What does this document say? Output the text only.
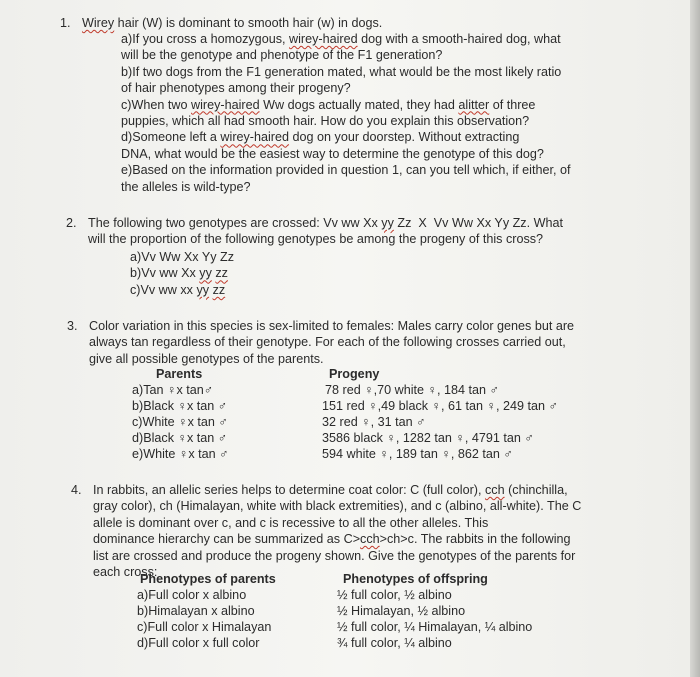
1. Wirey hair (W) is dominant to smooth hair (w) in dogs.
a)If you cross a homozygous, wirey-haired dog with a smooth-haired dog, what
will be the genotype and phenotype of the F1 generation?
b)If two dogs from the F1 generation mated, what would be the most likely ratio
of hair phenotypes among their progeny?
c)When two wirey-haired Ww dogs actually mated, they had alitter of three
puppies, which all had smooth hair. How do you explain this observation?
d)Someone left a wirey-haired dog on your doorstep. Without extracting
DNA, what would be the easiest way to determine the genotype of this dog?
e)Based on the information provided in question 1, can you tell which, if either, of
the alleles is wild-type?
2. The following two genotypes are crossed: Vv ww Xx yy Zz  X  Vv Ww Xx Yy Zz. What
will the proportion of the following genotypes be among the progeny of this cross?
a)Vv Ww Xx Yy Zz
b)Vv ww Xx yy zz
c)Vv ww xx yy zz
3. Color variation in this species is sex-limited to females: Males carry color genes but are
always tan regardless of their genotype. For each of the following crosses carried out,
give all possible genotypes of the parents.
Parents	Progeny
a)Tan ♀x tan♂	78 red ♀,70 white ♀, 184 tan ♂
b)Black ♀x tan ♂	151 red ♀,49 black ♀, 61 tan ♀, 249 tan ♂
c)White ♀x tan ♂	32 red ♀, 31 tan ♂
d)Black ♀x tan ♂	3586 black ♀, 1282 tan ♀, 4791 tan ♂
e)White ♀x tan ♂	594 white ♀, 189 tan ♀, 862 tan ♂
4. In rabbits, an allelic series helps to determine coat color: C (full color), cch (chinchilla,
gray color), ch (Himalayan, white with black extremities), and c (albino, all-white). The C
allele is dominant over c, and c is recessive to all the other alleles. This
dominance hierarchy can be summarized as C>cch>ch>c. The rabbits in the following
list are crossed and produce the progeny shown. Give the genotypes of the parents for
each cross:
Phenotypes of parents	Phenotypes of offspring
a)Full color x albino	½ full color, ½ albino
b)Himalayan x albino	½ Himalayan, ½ albino
c)Full color x Himalayan	½ full color, ¼ Himalayan, ¼ albino
d)Full color x full color	¾ full color, ¼ albino
